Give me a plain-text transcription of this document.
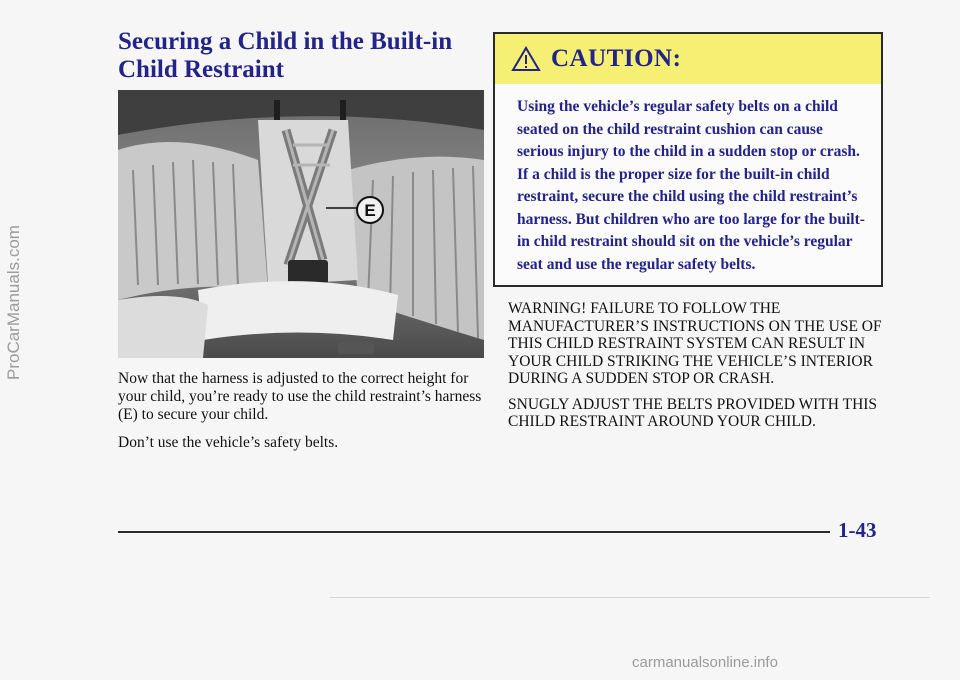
Securing a Child in the Built-in
Child Restraint
E

Now that the harness is adjusted to the correct height for your child, you’re ready to use the child restraint’s harness (E) to secure your child.

Don’t use the vehicle’s safety belts.

CAUTION:

Using the vehicle’s regular safety belts on a child seated on the child restraint cushion can cause serious injury to the child in a sudden stop or crash. If a child is the proper size for the built-in child restraint, secure the child using the child restraint’s harness. But children who are too large for the built-in child restraint should sit on the vehicle’s regular seat and use the regular safety belts.

WARNING! FAILURE TO FOLLOW THE MANUFACTURER’S INSTRUCTIONS ON THE USE OF THIS CHILD RESTRAINT SYSTEM CAN RESULT IN YOUR CHILD STRIKING THE VEHICLE’S INTERIOR DURING A SUDDEN STOP OR CRASH.

SNUGLY ADJUST THE BELTS PROVIDED WITH THIS CHILD RESTRAINT AROUND YOUR CHILD.

1-43
ProCarManuals.com
carmanualsonline.info
